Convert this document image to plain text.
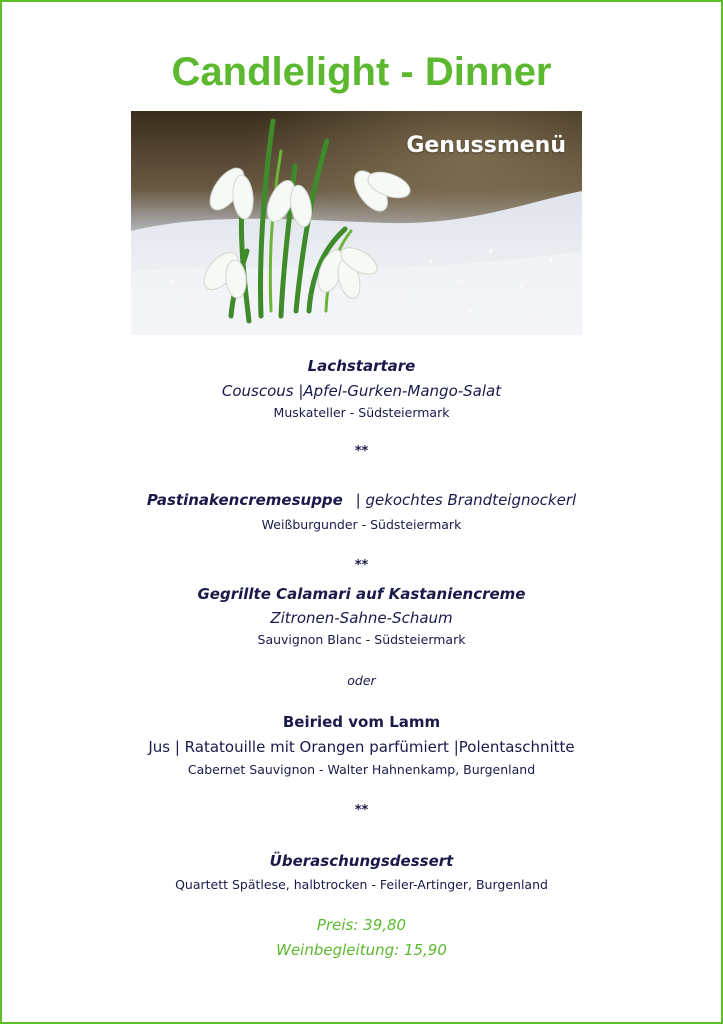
Candlelight - Dinner
Genussmenü
Lachstartare
Couscous |Apfel-Gurken-Mango-Salat
Muskateller - Südsteiermark
**
Pastinakencremesuppe | gekochtes Brandteignockerl
Weißburgunder - Südsteiermark
**
Gegrillte Calamari auf Kastaniencreme
Zitronen-Sahne-Schaum
Sauvignon Blanc - Südsteiermark
oder
Beiried vom Lamm
Jus | Ratatouille mit Orangen parfümiert |Polentaschnitte
Cabernet Sauvignon - Walter Hahnenkamp, Burgenland
**
Überaschungsdessert
Quartett Spätlese, halbtrocken - Feiler-Artinger, Burgenland
Preis: 39,80
Weinbegleitung: 15,90
